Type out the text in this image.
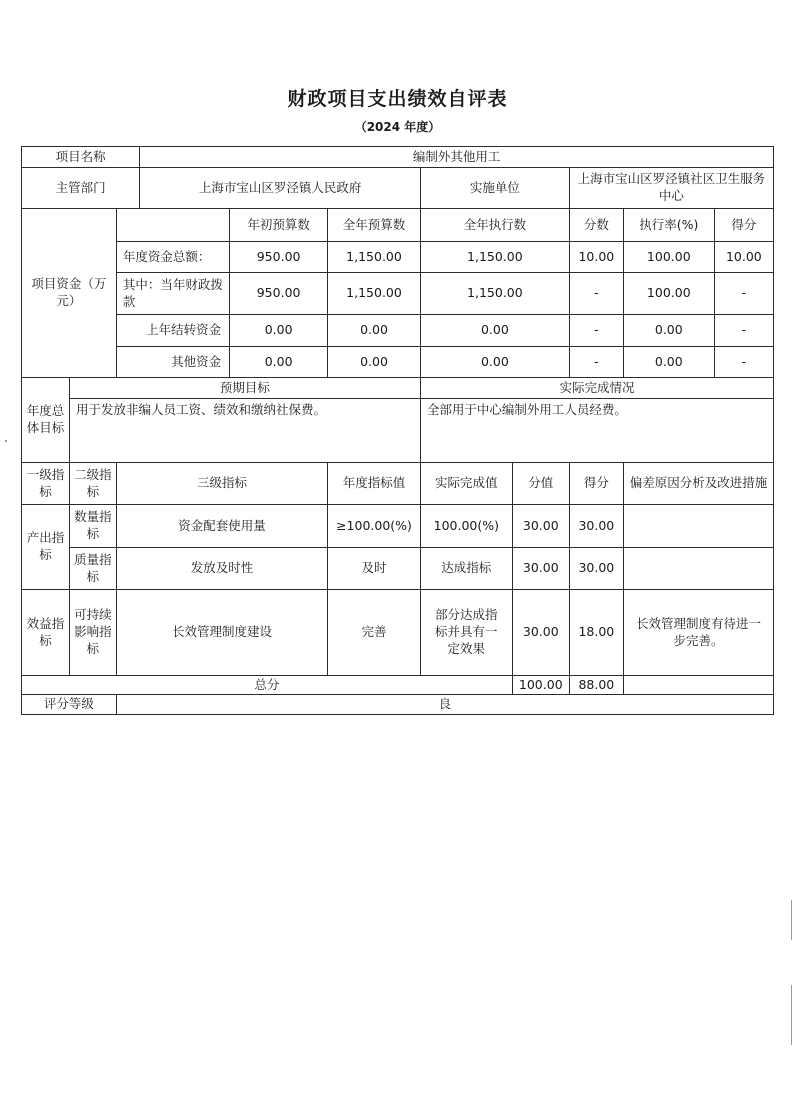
财政项目支出绩效自评表
（2024 年度）
项目名称			编制外其他用工							
主管部门			上海市宝山区罗泾镇人民政府			实施单位		上海市宝山区罗泾镇社区卫生服务中心		
项目资金（万元）				年初预算数	全年预算数	全年执行数		分数	执行率(%)	得分
		年度资金总额：		950.00	1,150.00	1,150.00		10.00	100.00	10.00
		其中：当年财政拨款		950.00	1,150.00	1,150.00		-	100.00	-
		上年结转资金		0.00	0.00	0.00		-	0.00	-
		其他资金		0.00	0.00	0.00		-	0.00	-
年度总体目标	预期目标					实际完成情况				
	用于发放非编人员工资、绩效和缴纳社保费。					全部用于中心编制外用工人员经费。				
一级指标	二级指标	三级指标			年度指标值	实际完成值	分值	得分	偏差原因分析及改进措施	
产出指标	数量指标	资金配套使用量			≥100.00(%)	100.00(%)	30.00	30.00		
	质量指标	发放及时性			及时	达成指标	30.00	30.00		
效益指标	可持续影响指标	长效管理制度建设			完善	部分达成指标并具有一定效果	30.00	18.00	长效管理制度有待进一步完善。	
总分							100.00	88.00		
评分等级		良								
